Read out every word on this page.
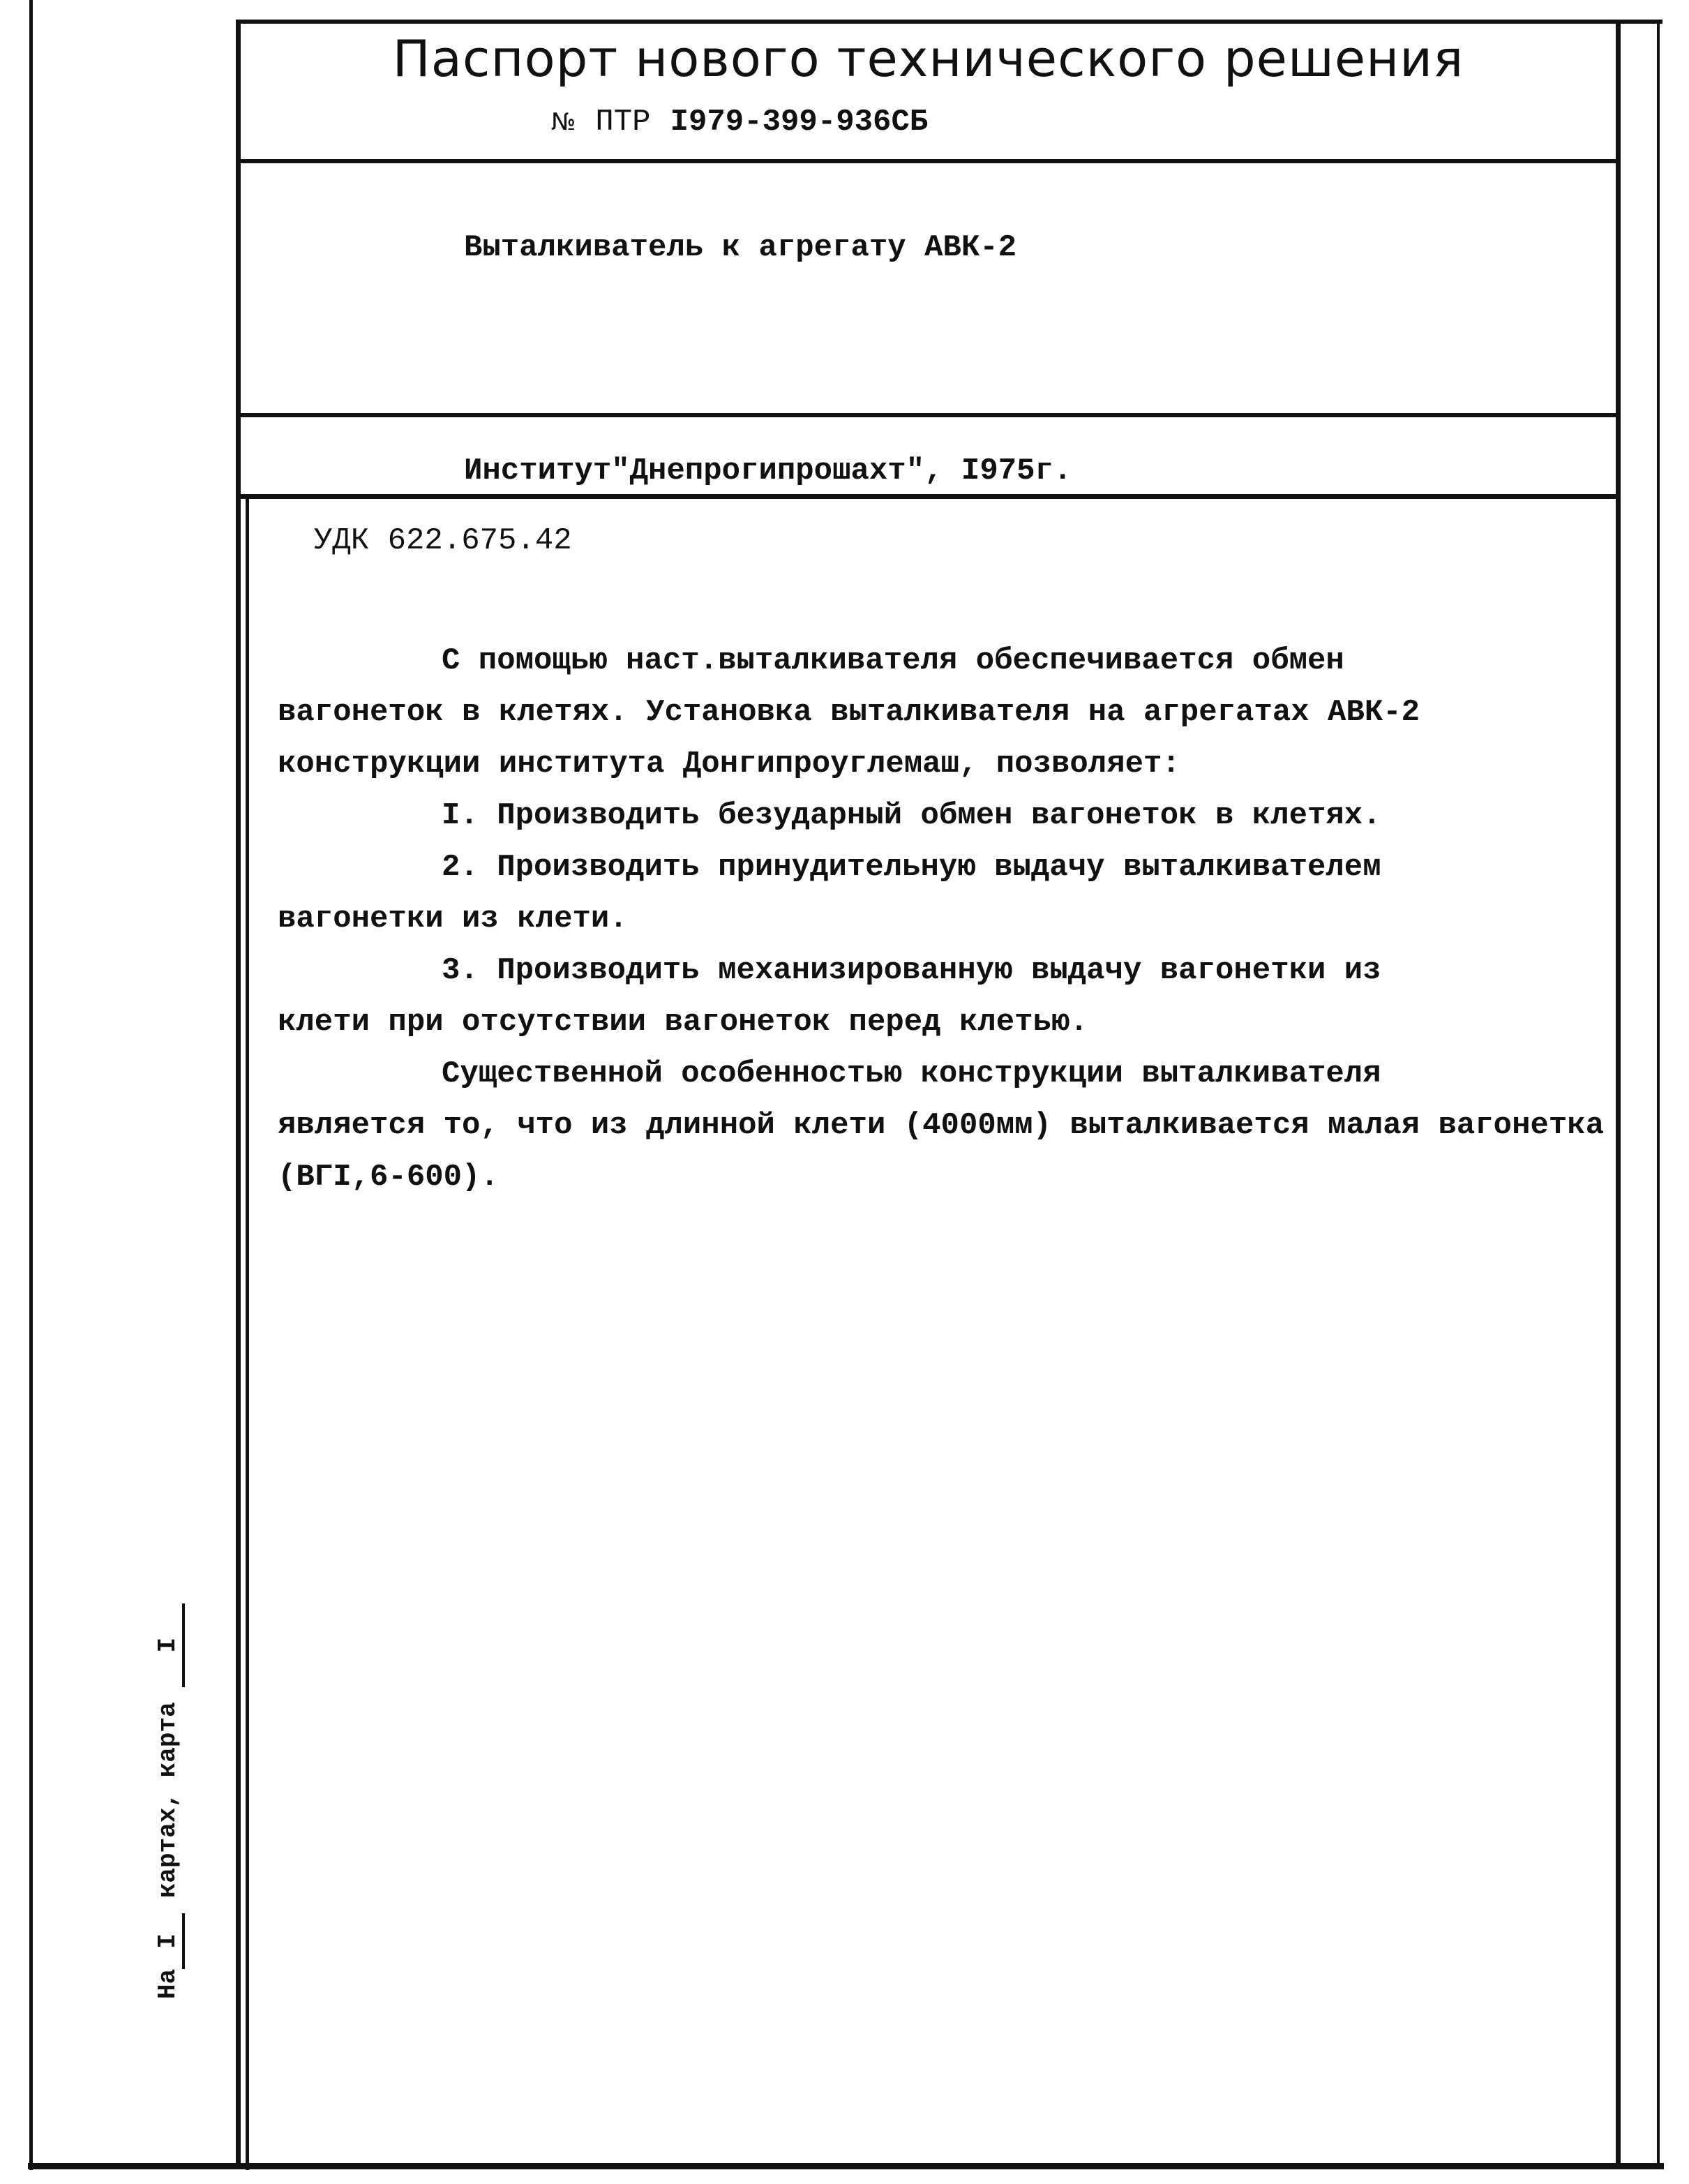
Паспорт нового технического решения
№ ПТР I979-399-936СБ
Выталкиватель к агрегату АВК-2
Институт"Днепрогипрошахт", I975г.
УДК 622.675.42

С помощью наст.выталкивателя обеспечивается обмен

вагонеток в клетях. Установка выталкивателя на агрегатах АВК-2 конструкции института Донгипроуглемаш, позволяет:

I. Производить безударный обмен вагонеток в клетях.

2. Производить принудительную выдачу выталкивателем

вагонетки из клети.

3. Производить механизированную выдачу вагонетки из

клети при отсутствии вагонеток перед клетью.

Существенной особенностью конструкции выталкивателя

является то, что из длинной клети (4000мм) выталкивается малая вагонетка (ВГI,6-600).

НаI картах, карта I
